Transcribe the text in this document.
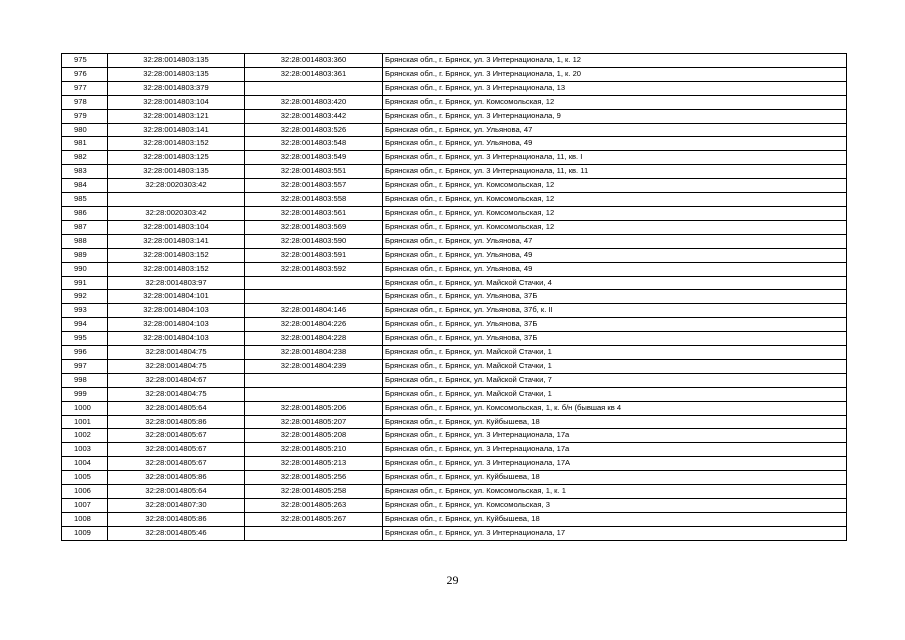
975	32:28:0014803:135	32:28:0014803:360	Брянская обл., г. Брянск, ул. 3 Интернационала, 1, к. 12
976	32:28:0014803:135	32:28:0014803:361	Брянская обл., г. Брянск, ул. 3 Интернационала, 1, к. 20
977	32:28:0014803:379		Брянская обл., г. Брянск, ул. 3 Интернационала, 13
978	32:28:0014803:104	32:28:0014803:420	Брянская обл., г. Брянск, ул. Комсомольская, 12
979	32:28:0014803:121	32:28:0014803:442	Брянская обл., г. Брянск, ул. 3 Интернационала, 9
980	32:28:0014803:141	32:28:0014803:526	Брянская обл., г. Брянск, ул. Ульянова, 47
981	32:28:0014803:152	32:28:0014803:548	Брянская обл., г. Брянск, ул. Ульянова, 49
982	32:28:0014803:125	32:28:0014803:549	Брянская обл., г. Брянск, ул. 3 Интернационала, 11, кв. I
983	32:28:0014803:135	32:28:0014803:551	Брянская обл., г. Брянск, ул. 3 Интернационала, 11, кв. 11
984	32:28:0020303:42	32:28:0014803:557	Брянская обл., г. Брянск, ул. Комсомольская, 12
985		32:28:0014803:558	Брянская обл., г. Брянск, ул. Комсомольская, 12
986	32:28:0020303:42	32:28:0014803:561	Брянская обл., г. Брянск, ул. Комсомольская, 12
987	32:28:0014803:104	32:28:0014803:569	Брянская обл., г. Брянск, ул. Комсомольская, 12
988	32:28:0014803:141	32:28:0014803:590	Брянская обл., г. Брянск, ул. Ульянова, 47
989	32:28:0014803:152	32:28:0014803:591	Брянская обл., г. Брянск, ул. Ульянова, 49
990	32:28:0014803:152	32:28:0014803:592	Брянская обл., г. Брянск, ул. Ульянова, 49
991	32:28:0014803:97		Брянская обл., г. Брянск, ул. Майской Стачки, 4
992	32:28:0014804:101		Брянская обл., г. Брянск, ул. Ульянова, 37Б
993	32:28:0014804:103	32:28:0014804:146	Брянская обл., г. Брянск, ул. Ульянова, 37б, к. II
994	32:28:0014804:103	32:28:0014804:226	Брянская обл., г. Брянск, ул. Ульянова, 37Б
995	32:28:0014804:103	32:28:0014804:228	Брянская обл., г. Брянск, ул. Ульянова, 37Б
996	32:28:0014804:75	32:28:0014804:238	Брянская обл., г. Брянск, ул. Майской Стачки, 1
997	32:28:0014804:75	32:28:0014804:239	Брянская обл., г. Брянск, ул. Майской Стачки, 1
998	32:28:0014804:67		Брянская обл., г. Брянск, ул. Майской Стачки, 7
999	32:28:0014804:75		Брянская обл., г. Брянск, ул. Майской Стачки, 1
1000	32:28:0014805:64	32:28:0014805:206	Брянская обл., г. Брянск, ул. Комсомольская, 1, к. б/н (бывшая кв 4
1001	32:28:0014805:86	32:28:0014805:207	Брянская обл., г. Брянск, ул. Куйбышева, 18
1002	32:28:0014805:67	32:28:0014805:208	Брянская обл., г. Брянск, ул. 3 Интернационала, 17а
1003	32:28:0014805:67	32:28:0014805:210	Брянская обл., г. Брянск, ул. 3 Интернационала, 17а
1004	32:28:0014805:67	32:28:0014805:213	Брянская обл., г. Брянск, ул. 3 Интернационала, 17А
1005	32:28:0014805:86	32:28:0014805:256	Брянская обл., г. Брянск, ул. Куйбышева, 18
1006	32:28:0014805:64	32:28:0014805:258	Брянская обл., г. Брянск, ул. Комсомольская, 1, к. 1
1007	32:28:0014807:30	32:28:0014805:263	Брянская обл., г. Брянск, ул. Комсомольская, 3
1008	32:28:0014805:86	32:28:0014805:267	Брянская обл., г. Брянск, ул. Куйбышева, 18
1009	32:28:0014805:46		Брянская обл., г. Брянск, ул. 3 Интернационала, 17
29
